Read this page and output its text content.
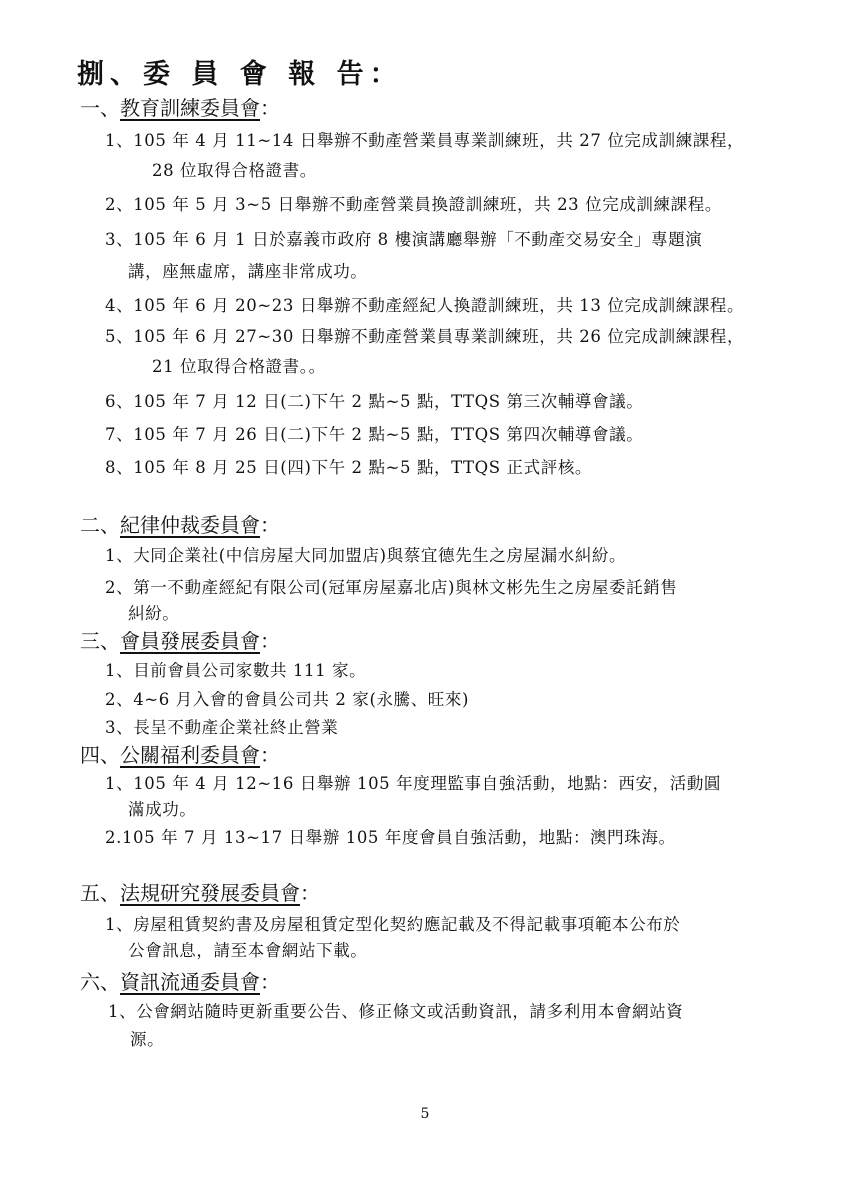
捌、委 員 會 報 告：
一、教育訓練委員會：
1、105 年 4 月 11~14 日舉辦不動產營業員專業訓練班，共 27 位完成訓練課程，
28 位取得合格證書。
2、105 年 5 月 3~5 日舉辦不動產營業員換證訓練班，共 23 位完成訓練課程。
3、105 年 6 月 1 日於嘉義市政府 8 樓演講廳舉辦「不動產交易安全」專題演
講，座無虛席，講座非常成功。
4、105 年 6 月 20~23 日舉辦不動產經紀人換證訓練班，共 13 位完成訓練課程。
5、105 年 6 月 27~30 日舉辦不動產營業員專業訓練班，共 26 位完成訓練課程，
21 位取得合格證書。。
6、105 年 7 月 12 日(二)下午 2 點~5 點，TTQS 第三次輔導會議。
7、105 年 7 月 26 日(二)下午 2 點~5 點，TTQS 第四次輔導會議。
8、105 年 8 月 25 日(四)下午 2 點~5 點，TTQS 正式評核。
二、紀律仲裁委員會：
1、大同企業社(中信房屋大同加盟店)與蔡宜德先生之房屋漏水糾紛。
2、第一不動產經紀有限公司(冠軍房屋嘉北店)與林文彬先生之房屋委託銷售
糾紛。
三、會員發展委員會：
1、目前會員公司家數共 111 家。
2、4~6 月入會的會員公司共 2 家(永騰、旺來)
3、長呈不動產企業社終止營業
四、公關福利委員會：
1、105 年 4 月 12~16 日舉辦 105 年度理監事自強活動，地點：西安，活動圓
滿成功。
2.105 年 7 月 13~17 日舉辦 105 年度會員自強活動，地點：澳門珠海。
五、法規研究發展委員會：
1、房屋租賃契約書及房屋租賃定型化契約應記載及不得記載事項範本公布於
公會訊息，請至本會網站下載。
六、資訊流通委員會：
1、公會網站隨時更新重要公告、修正條文或活動資訊，請多利用本會網站資
源。
5
